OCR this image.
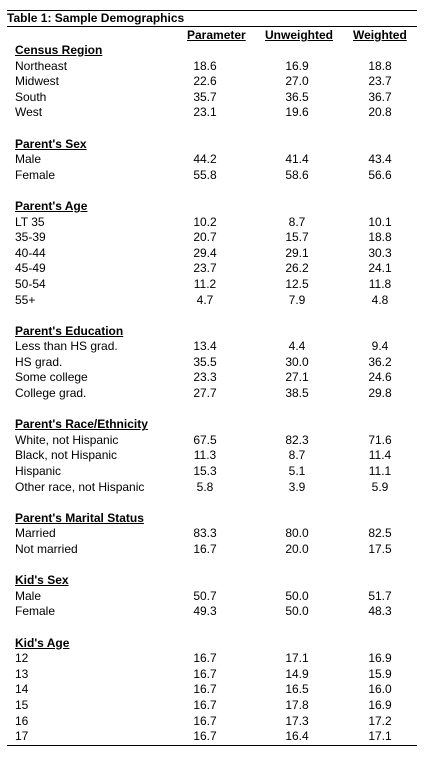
Table 1: Sample Demographics
Parameter Unweighted Weighted
Census Region
Northeast	18.6	16.9	18.8
Midwest	22.6	27.0	23.7
South	35.7	36.5	36.7
West	23.1	19.6	20.8
Parent's Sex
Male	44.2	41.4	43.4
Female	55.8	58.6	56.6
Parent's Age
LT 35	10.2	8.7	10.1
35-39	20.7	15.7	18.8
40-44	29.4	29.1	30.3
45-49	23.7	26.2	24.1
50-54	11.2	12.5	11.8
55+	4.7	7.9	4.8
Parent's Education
Less than HS grad.	13.4	4.4	9.4
HS grad.	35.5	30.0	36.2
Some college	23.3	27.1	24.6
College grad.	27.7	38.5	29.8
Parent's Race/Ethnicity
White, not Hispanic	67.5	82.3	71.6
Black, not Hispanic	11.3	8.7	11.4
Hispanic	15.3	5.1	11.1
Other race, not Hispanic	5.8	3.9	5.9
Parent's Marital Status
Married	83.3	80.0	82.5
Not married	16.7	20.0	17.5
Kid's Sex
Male	50.7	50.0	51.7
Female	49.3	50.0	48.3
Kid's Age
12	16.7	17.1	16.9
13	16.7	14.9	15.9
14	16.7	16.5	16.0
15	16.7	17.8	16.9
16	16.7	17.3	17.2
17	16.7	16.4	17.1
